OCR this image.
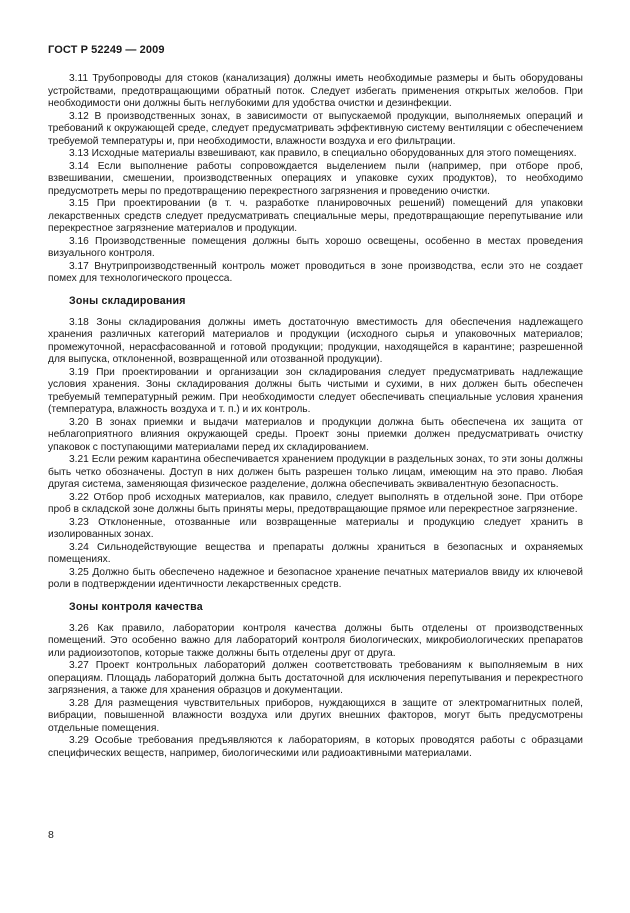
ГОСТ Р 52249 — 2009

3.11 Трубопроводы для стоков (канализация) должны иметь необходимые размеры и быть оборудованы устройствами, предотвращающими обратный поток. Следует избегать применения открытых желобов. При необходимости они должны быть неглубокими для удобства очистки и дезинфекции.

3.12 В производственных зонах, в зависимости от выпускаемой продукции, выполняемых операций и требований к окружающей среде, следует предусматривать эффективную систему вентиляции с обеспечением требуемой температуры и, при необходимости, влажности воздуха и его фильтрации.

3.13 Исходные материалы взвешивают, как правило, в специально оборудованных для этого помещениях.

3.14 Если выполнение работы сопровождается выделением пыли (например, при отборе проб, взвешивании, смешении, производственных операциях и упаковке сухих продуктов), то необходимо предусмотреть меры по предотвращению перекрестного загрязнения и проведению очистки.

3.15 При проектировании (в т. ч. разработке планировочных решений) помещений для упаковки лекарственных средств следует предусматривать специальные меры, предотвращающие перепутывание или перекрестное загрязнение материалов и продукции.

3.16 Производственные помещения должны быть хорошо освещены, особенно в местах проведения визуального контроля.

3.17 Внутрипроизводственный контроль может проводиться в зоне производства, если это не создает помех для технологического процесса.

Зоны складирования

3.18 Зоны складирования должны иметь достаточную вместимость для обеспечения надлежащего хранения различных категорий материалов и продукции (исходного сырья и упаковочных материалов; промежуточной, нерасфасованной и готовой продукции; продукции, находящейся в карантине; разрешенной для выпуска, отклоненной, возвращенной или отозванной продукции).

3.19 При проектировании и организации зон складирования следует предусматривать надлежащие условия хранения. Зоны складирования должны быть чистыми и сухими, в них должен быть обеспечен требуемый температурный режим. При необходимости следует обеспечивать специальные условия хранения (температура, влажность воздуха и т. п.) и их контроль.

3.20 В зонах приемки и выдачи материалов и продукции должна быть обеспечена их защита от неблагоприятного влияния окружающей среды. Проект зоны приемки должен предусматривать очистку упаковок с поступающими материалами перед их складированием.

3.21 Если режим карантина обеспечивается хранением продукции в раздельных зонах, то эти зоны должны быть четко обозначены. Доступ в них должен быть разрешен только лицам, имеющим на это право. Любая другая система, заменяющая физическое разделение, должна обеспечивать эквивалентную безопасность.

3.22 Отбор проб исходных материалов, как правило, следует выполнять в отдельной зоне. При отборе проб в складской зоне должны быть приняты меры, предотвращающие прямое или перекрестное загрязнение.

3.23 Отклоненные, отозванные или возвращенные материалы и продукцию следует хранить в изолированных зонах.

3.24 Сильнодействующие вещества и препараты должны храниться в безопасных и охраняемых помещениях.

3.25 Должно быть обеспечено надежное и безопасное хранение печатных материалов ввиду их ключевой роли в подтверждении идентичности лекарственных средств.

Зоны контроля качества

3.26 Как правило, лаборатории контроля качества должны быть отделены от производственных помещений. Это особенно важно для лабораторий контроля биологических, микробиологических препаратов или радиоизотопов, которые также должны быть отделены друг от друга.

3.27 Проект контрольных лабораторий должен соответствовать требованиям к выполняемым в них операциям. Площадь лабораторий должна быть достаточной для исключения перепутывания и перекрестного загрязнения, а также для хранения образцов и документации.

3.28 Для размещения чувствительных приборов, нуждающихся в защите от электромагнитных полей, вибрации, повышенной влажности воздуха или других внешних факторов, могут быть предусмотрены отдельные помещения.

3.29 Особые требования предъявляются к лабораториям, в которых проводятся работы с образцами специфических веществ, например, биологическими или радиоактивными материалами.

8
